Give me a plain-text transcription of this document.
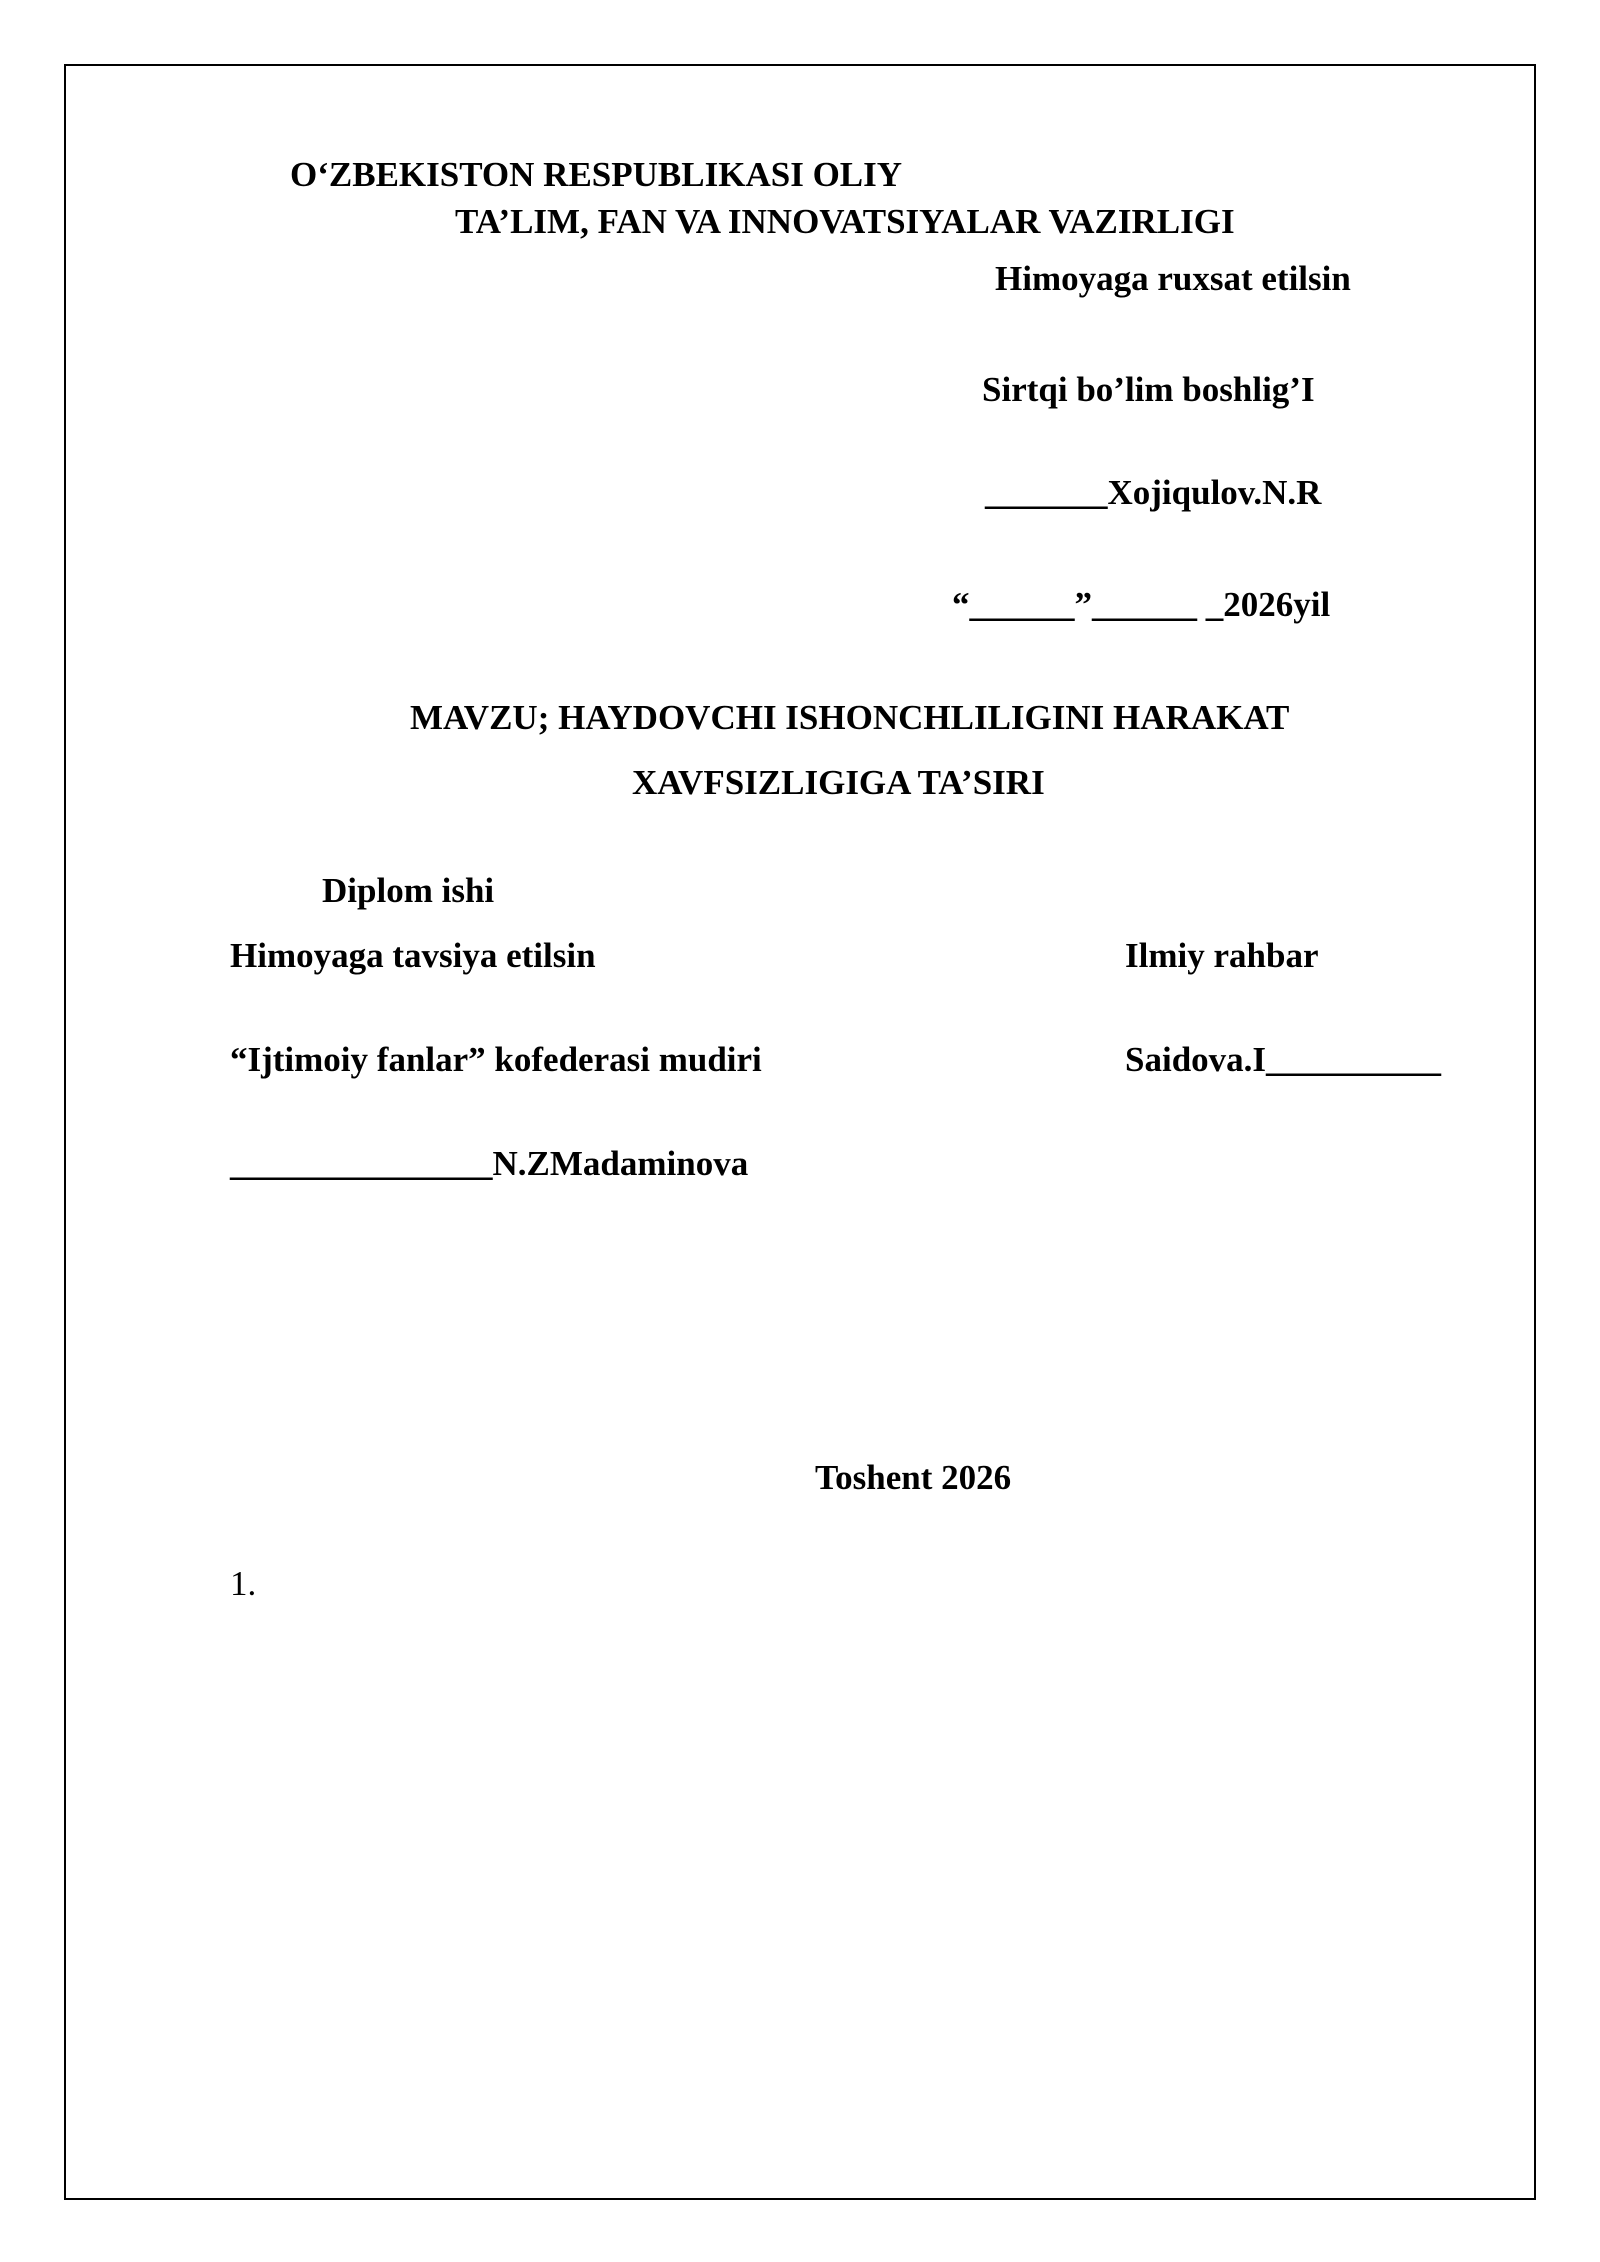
O‘ZBEKISTON RESPUBLIKASI OLIY
TA’LIM, FAN VA INNOVATSIYALAR VAZIRLIGI
Himoyaga ruxsat etilsin
Sirtqi bo’lim boshlig’I
_______Xojiqulov.N.R
“______”______ _2026yil
MAVZU; HAYDOVCHI ISHONCHLILIGINI HARAKAT
XAVFSIZLIGIGA TA’SIRI
Diplom ishi
Himoyaga tavsiya etilsin	Ilmiy rahbar
“Ijtimoiy fanlar” kofederasi mudiri	Saidova.I__________
_______________N.ZMadaminova
Toshent 2026
1.
